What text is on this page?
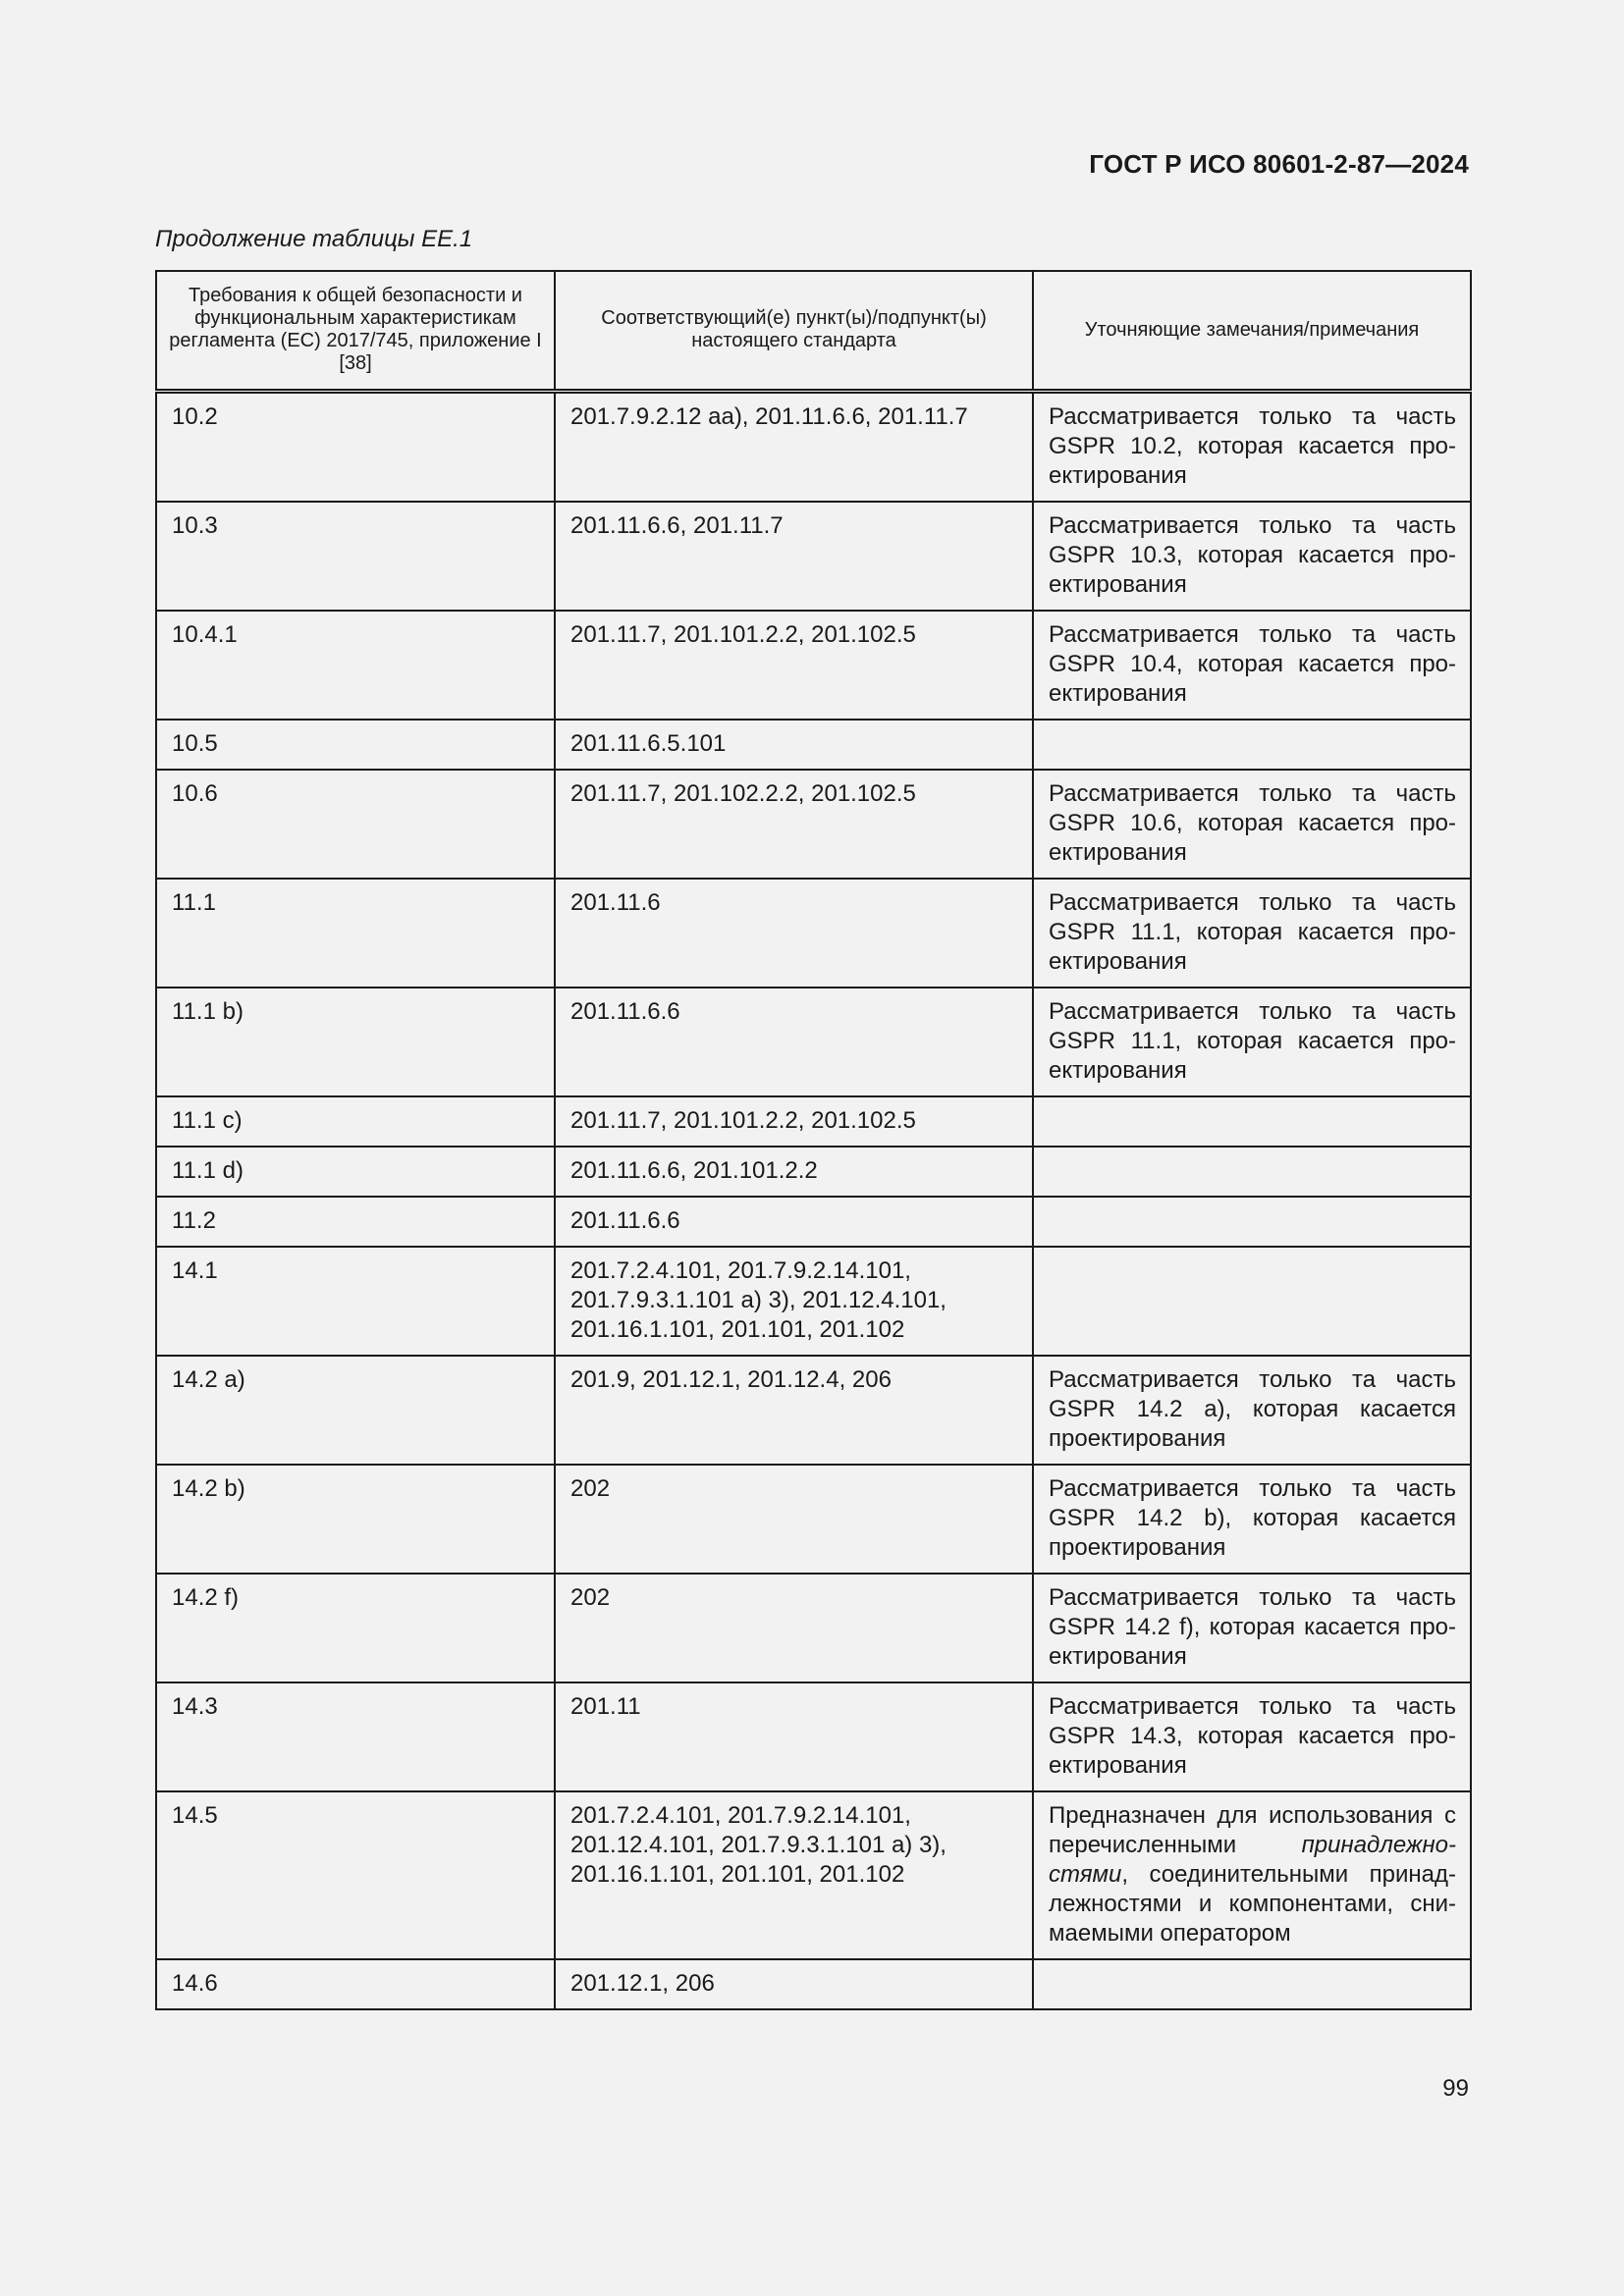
ГОСТ Р ИСО 80601-2-87—2024
Продолжение таблицы EE.1
Требования к общей безопасности и функциональным характеристикам регламента (ЕС) 2017/745, приложение I [38]	Соответствующий(е) пункт(ы)/подпункт(ы) настоящего стандарта	Уточняющие замечания/примечания
10.2	201.7.9.2.12 аа), 201.11.6.6, 201.11.7	Рассматривается только та часть GSPR 10.2, которая касается про-ектирования
10.3	201.11.6.6, 201.11.7	Рассматривается только та часть GSPR 10.3, которая касается про-ектирования
10.4.1	201.11.7, 201.101.2.2, 201.102.5	Рассматривается только та часть GSPR 10.4, которая касается про-ектирования
10.5	201.11.6.5.101	
10.6	201.11.7, 201.102.2.2, 201.102.5	Рассматривается только та часть GSPR 10.6, которая касается про-ектирования
11.1	201.11.6	Рассматривается только та часть GSPR 11.1, которая касается про-ектирования
11.1 b)	201.11.6.6	Рассматривается только та часть GSPR 11.1, которая касается про-ектирования
11.1 c)	201.11.7, 201.101.2.2, 201.102.5	
11.1 d)	201.11.6.6, 201.101.2.2	
11.2	201.11.6.6	
14.1	201.7.2.4.101, 201.7.9.2.14.101, 201.7.9.3.1.101 a) 3), 201.12.4.101, 201.16.1.101, 201.101, 201.102	
14.2 a)	201.9, 201.12.1, 201.12.4, 206	Рассматривается только та часть GSPR 14.2 a), которая касается проектирования
14.2 b)	202	Рассматривается только та часть GSPR 14.2 b), которая касается проектирования
14.2 f)	202	Рассматривается только та часть GSPR 14.2 f), которая касается про-ектирования
14.3	201.11	Рассматривается только та часть GSPR 14.3, которая касается про-ектирования
14.5	201.7.2.4.101, 201.7.9.2.14.101, 201.12.4.101, 201.7.9.3.1.101 a) 3), 201.16.1.101, 201.101, 201.102	Предназначен для использования с перечисленными принадлежно-стями, соединительными принад-лежностями и компонентами, сни-маемыми оператором
14.6	201.12.1, 206	
99
